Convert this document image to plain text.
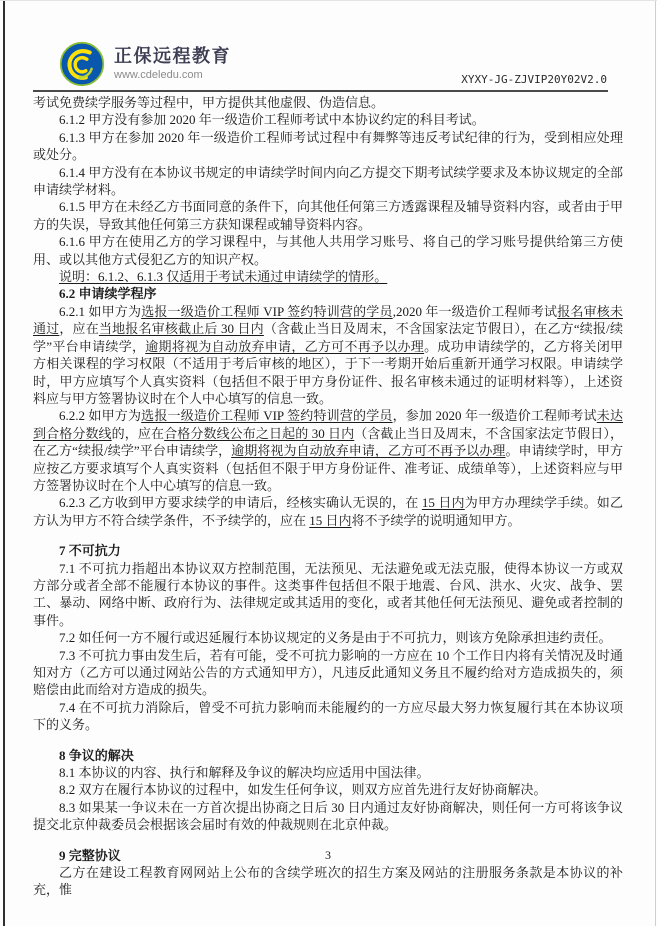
正保远程教育
www.cdeledu.com	XYXY-JG-ZJVIP20Y02V2.0

考试免费续学服务等过程中，甲方提供其他虚假、伪造信息。

6.1.2 甲方没有参加 2020 年一级造价工程师考试中本协议约定的科目考试。

6.1.3 甲方在参加 2020 年一级造价工程师考试过程中有舞弊等违反考试纪律的行为，受到相应处理或处分。

6.1.4 甲方没有在本协议书规定的申请续学时间内向乙方提交下期考试续学要求及本协议规定的全部申请续学材料。

6.1.5 甲方在未经乙方书面同意的条件下，向其他任何第三方透露课程及辅导资料内容，或者由于甲方的失误，导致其他任何第三方获知课程或辅导资料内容。

6.1.6 甲方在使用乙方的学习课程中，与其他人共用学习账号、将自己的学习账号提供给第三方使用、或以其他方式侵犯乙方的知识产权。

说明：6.1.2、6.1.3 仅适用于考试未通过申请续学的情形。

6.2 申请续学程序

6.2.1 如甲方为选报一级造价工程师 VIP 签约特训营的学员,2020 年一级造价工程师考试报名审核未通过，应在当地报名审核截止后 30 日内（含截止当日及周末，不含国家法定节假日），在乙方“续报/续学”平台申请续学，逾期将视为自动放弃申请，乙方可不再予以办理。成功申请续学的，乙方将关闭甲方相关课程的学习权限（不适用于考后审核的地区），于下一考期开始后重新开通学习权限。申请续学时，甲方应填写个人真实资料（包括但不限于甲方身份证件、报名审核未通过的证明材料等），上述资料应与甲方签署协议时在个人中心填写的信息一致。

6.2.2 如甲方为选报一级造价工程师 VIP 签约特训营的学员，参加 2020 年一级造价工程师考试未达到合格分数线的，应在合格分数线公布之日起的 30 日内（含截止当日及周末，不含国家法定节假日），在乙方“续报/续学”平台申请续学，逾期将视为自动放弃申请，乙方可不再予以办理。申请续学时，甲方应按乙方要求填写个人真实资料（包括但不限于甲方身份证件、准考证、成绩单等），上述资料应与甲方签署协议时在个人中心填写的信息一致。

6.2.3 乙方收到甲方要求续学的申请后，经核实确认无误的，在 15 日内为甲方办理续学手续。如乙方认为甲方不符合续学条件，不予续学的，应在 15 日内将不予续学的说明通知甲方。

7 不可抗力

7.1 不可抗力指超出本协议双方控制范围，无法预见、无法避免或无法克服，使得本协议一方或双方部分或者全部不能履行本协议的事件。这类事件包括但不限于地震、台风、洪水、火灾、战争、罢工、暴动、网络中断、政府行为、法律规定或其适用的变化，或者其他任何无法预见、避免或者控制的事件。

7.2 如任何一方不履行或迟延履行本协议规定的义务是由于不可抗力，则该方免除承担违约责任。

7.3 不可抗力事由发生后，若有可能，受不可抗力影响的一方应在 10 个工作日内将有关情况及时通知对方（乙方可以通过网站公告的方式通知甲方），凡违反此通知义务且不履约给对方造成损失的，须赔偿由此而给对方造成的损失。

7.4 在不可抗力消除后，曾受不可抗力影响而未能履约的一方应尽最大努力恢复履行其在本协议项下的义务。

8 争议的解决

8.1 本协议的内容、执行和解释及争议的解决均应适用中国法律。

8.2 双方在履行本协议的过程中，如发生任何争议，则双方应首先进行友好协商解决。

8.3 如果某一争议未在一方首次提出协商之日后 30 日内通过友好协商解决，则任何一方可将该争议提交北京仲裁委员会根据该会届时有效的仲裁规则在北京仲裁。

9 完整协议

乙方在建设工程教育网网站上公布的含续学班次的招生方案及网站的注册服务条款是本协议的补充，惟

3
